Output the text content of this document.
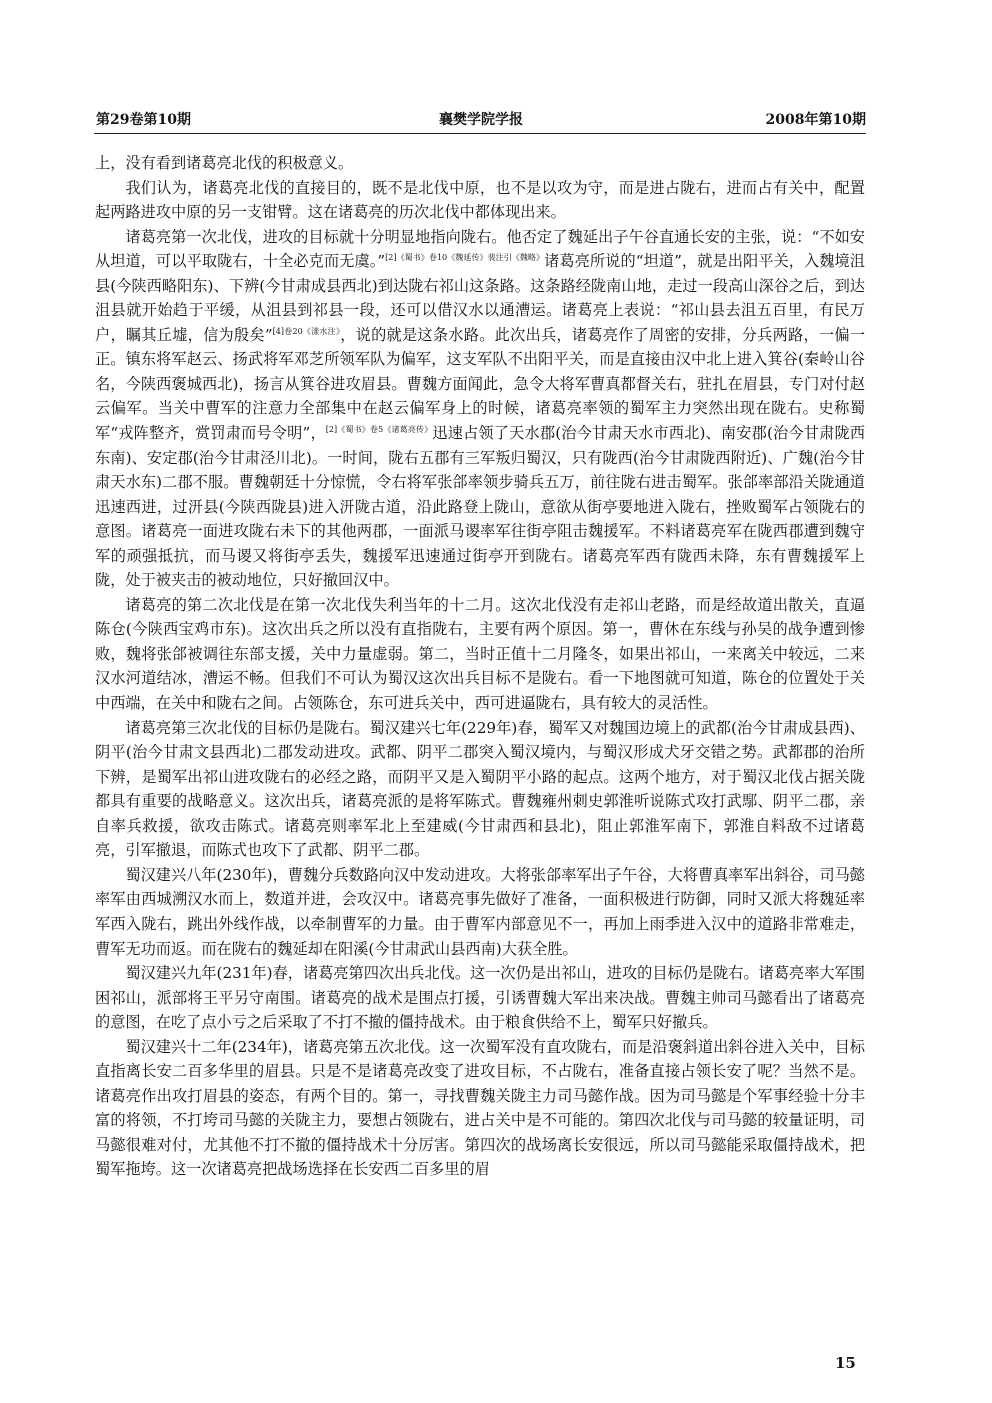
第29卷第10期	襄樊学院学报	2008年第10期

上，没有看到诸葛亮北伐的积极意义。

我们认为，诸葛亮北伐的直接目的，既不是北伐中原，也不是以攻为守，而是进占陇右，进而占有关中，配置起两路进攻中原的另一支钳臂。这在诸葛亮的历次北伐中都体现出来。

诸葛亮第一次北伐，进攻的目标就十分明显地指向陇右。他否定了魏延出子午谷直通长安的主张，说：“不如安从坦道，可以平取陇右，十全必克而无虞。”$^{[2]《蜀书》卷10《魏延传》裴注引《魏略》}$诸葛亮所说的“坦道”，就是出阳平关，入魏境沮县(今陕西略阳东)、下辨(今甘肃成县西北)到达陇右祁山这条路。这条路经陇南山地，走过一段高山深谷之后，到达沮县就开始趋于平缓，从沮县到祁县一段，还可以借汉水以通漕运。诸葛亮上表说：“祁山县去沮五百里，有民万户，瞩其丘墟，信为殷矣”$^{[4]卷20《漾水注》}$，说的就是这条水路。此次出兵，诸葛亮作了周密的安排，分兵两路，一偏一正。镇东将军赵云、扬武将军邓芝所领军队为偏军，这支军队不出阳平关，而是直接由汉中北上进入箕谷(秦岭山谷名，今陕西褒城西北)，扬言从箕谷进攻眉县。曹魏方面闻此，急令大将军曹真都督关右，驻扎在眉县，专门对付赵云偏军。当关中曹军的注意力全部集中在赵云偏军身上的时候，诸葛亮率领的蜀军主力突然出现在陇右。史称蜀军“戎阵整齐，赏罚肃而号令明”，$^{[2]《蜀书》卷5《诸葛亮传》}$迅速占领了天水郡(治今甘肃天水市西北)、南安郡(治今甘肃陇西东南)、安定郡(治今甘肃泾川北)。一时间，陇右五郡有三军叛归蜀汉，只有陇西(治今甘肃陇西附近)、广魏(治今甘肃天水东)二郡不服。曹魏朝廷十分惊慌，令右将军张郃率领步骑兵五万，前往陇右进击蜀军。张郃率部沿关陇通道迅速西进，过汧县(今陕西陇县)进入汧陇古道，沿此路登上陇山，意欲从街亭要地进入陇右，挫败蜀军占领陇右的意图。诸葛亮一面进攻陇右未下的其他两郡，一面派马谡率军往街亭阻击魏援军。不料诸葛亮军在陇西郡遭到魏守军的顽强抵抗，而马谡又将街亭丢失，魏援军迅速通过街亭开到陇右。诸葛亮军西有陇西未降，东有曹魏援军上陇，处于被夹击的被动地位，只好撤回汉中。

诸葛亮的第二次北伐是在第一次北伐失利当年的十二月。这次北伐没有走祁山老路，而是经故道出散关，直逼陈仓(今陕西宝鸡市东)。这次出兵之所以没有直指陇右，主要有两个原因。第一，曹休在东线与孙吴的战争遭到惨败，魏将张郃被调往东部支援，关中力量虚弱。第二，当时正值十二月隆冬，如果出祁山，一来离关中较远，二来汉水河道结冰，漕运不畅。但我们不可认为蜀汉这次出兵目标不是陇右。看一下地图就可知道，陈仓的位置处于关中西端，在关中和陇右之间。占领陈仓，东可进兵关中，西可进逼陇右，具有较大的灵活性。

诸葛亮第三次北伐的目标仍是陇右。蜀汉建兴七年(229年)春，蜀军又对魏国边境上的武都(治今甘肃成县西)、阴平(治今甘肃文县西北)二郡发动进攻。武都、阴平二郡突入蜀汉境内，与蜀汉形成犬牙交错之势。武都郡的治所下辨，是蜀军出祁山进攻陇右的必经之路，而阴平又是入蜀阴平小路的起点。这两个地方，对于蜀汉北伐占据关陇都具有重要的战略意义。这次出兵，诸葛亮派的是将军陈式。曹魏雍州刺史郭淮听说陈式攻打武䣕、阴平二郡，亲自率兵救援，欲攻击陈式。诸葛亮则率军北上至建威(今甘肃西和县北)，阻止郭淮军南下，郭淮自料敌不过诸葛亮，引军撤退，而陈式也攻下了武都、阴平二郡。

蜀汉建兴八年(230年)，曹魏分兵数路向汉中发动进攻。大将张郃率军出子午谷，大将曹真率军出斜谷，司马懿率军由西城溯汉水而上，数道并进，会攻汉中。诸葛亮事先做好了准备，一面积极进行防御，同时又派大将魏延率军西入陇右，跳出外线作战，以牵制曹军的力量。由于曹军内部意见不一，再加上雨季进入汉中的道路非常难走，曹军无功而返。而在陇右的魏延却在阳溪(今甘肃武山县西南)大获全胜。

蜀汉建兴九年(231年)春，诸葛亮第四次出兵北伐。这一次仍是出祁山，进攻的目标仍是陇右。诸葛亮率大军围困祁山，派部将王平另守南围。诸葛亮的战术是围点打援，引诱曹魏大军出来决战。曹魏主帅司马懿看出了诸葛亮的意图，在吃了点小亏之后采取了不打不撤的僵持战术。由于粮食供给不上，蜀军只好撤兵。

蜀汉建兴十二年(234年)，诸葛亮第五次北伐。这一次蜀军没有直攻陇右，而是沿褒斜道出斜谷进入关中，目标直指离长安二百多华里的眉县。只是不是诸葛亮改变了进攻目标，不占陇右，准备直接占领长安了呢？当然不是。诸葛亮作出攻打眉县的姿态，有两个目的。第一，寻找曹魏关陇主力司马懿作战。因为司马懿是个军事经验十分丰富的将领，不打垮司马懿的关陇主力，要想占领陇右，进占关中是不可能的。第四次北伐与司马懿的较量证明，司马懿很难对付，尤其他不打不撤的僵持战术十分厉害。第四次的战场离长安很远，所以司马懿能采取僵持战术，把蜀军拖垮。这一次诸葛亮把战场选择在长安西二百多里的眉

15
